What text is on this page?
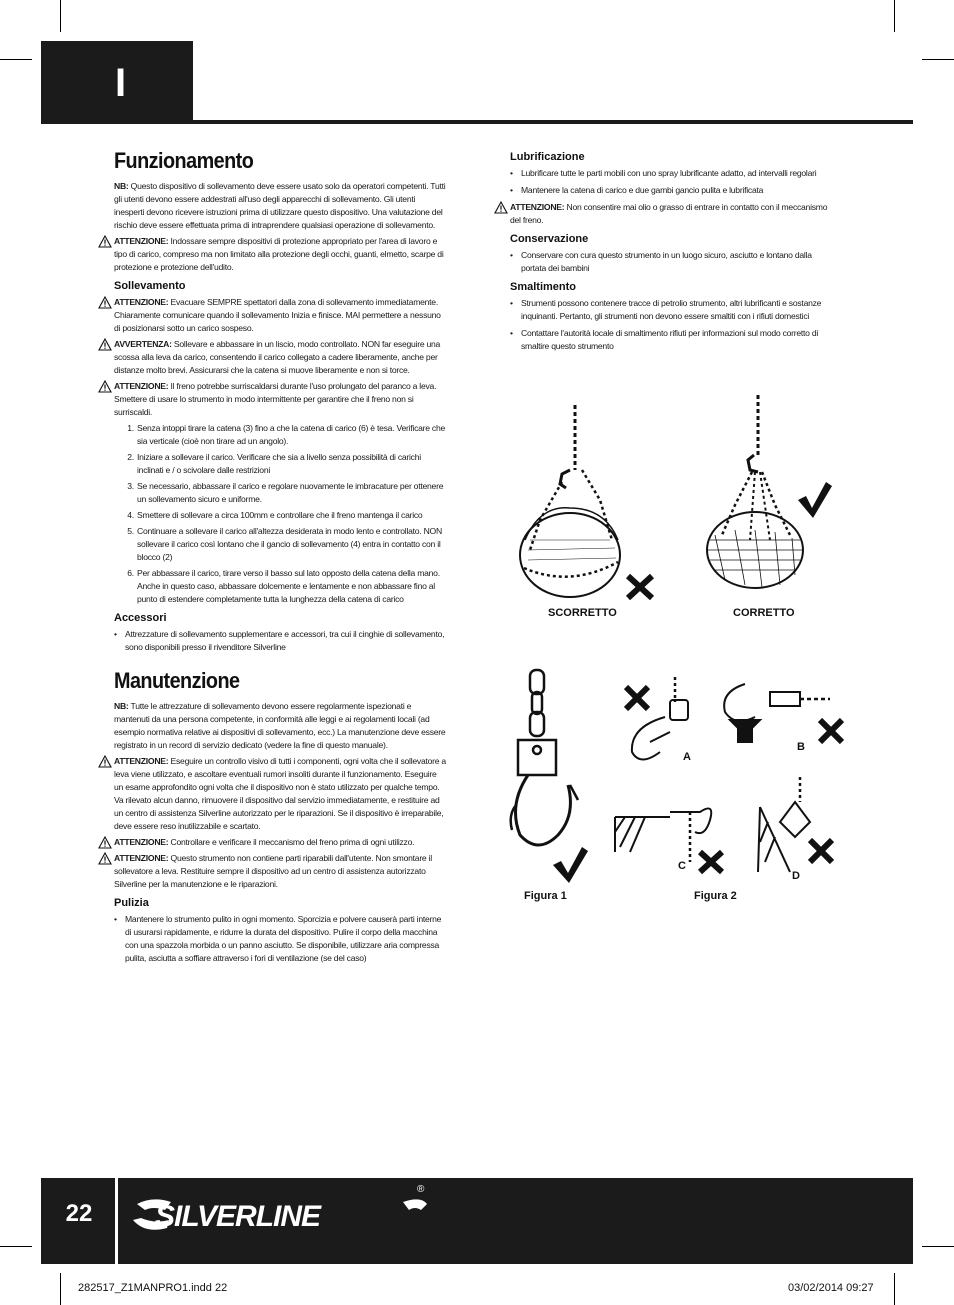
I
Funzionamento

NB: Questo dispositivo di sollevamento deve essere usato solo da operatori competenti. Tutti gli utenti devono essere addestrati all'uso degli apparecchi di sollevamento. Gli utenti inesperti devono ricevere istruzioni prima di utilizzare questo dispositivo. Una valutazione del rischio deve essere effettuata prima di intraprendere qualsiasi operazione di sollevamento.

ATTENZIONE: Indossare sempre dispositivi di protezione appropriato per l'area di lavoro e tipo di carico, compreso ma non limitato alla protezione degli occhi, guanti, elmetto, scarpe di protezione e protezione dell'udito.

Sollevamento

ATTENZIONE: Evacuare SEMPRE spettatori dalla zona di sollevamento immediatamente. Chiaramente comunicare quando il sollevamento Inizia e finisce. MAI permettere a nessuno di posizionarsi sotto un carico sospeso.

AVVERTENZA: Sollevare e abbassare in un liscio, modo controllato. NON far eseguire una scossa alla leva da carico, consentendo il carico collegato a cadere liberamente, anche per distanze molto brevi. Assicurarsi che la catena si muove liberamente e non si torce.

ATTENZIONE: Il freno potrebbe surriscaldarsi durante l'uso prolungato del paranco a leva. Smettere di usare lo strumento in modo intermittente per garantire che il freno non si surriscaldi.

1. Senza intoppi tirare la catena (3) fino a che la catena di carico (6) è tesa. Verificare che sia verticale (cioè non tirare ad un angolo).
2. Iniziare a sollevare il carico. Verificare che sia a livello senza possibilità di carichi inclinati e / o scivolare dalle restrizioni
3. Se necessario, abbassare il carico e regolare nuovamente le imbracature per ottenere un sollevamento sicuro e uniforme.
4. Smettere di sollevare a circa 100mm e controllare che il freno mantenga il carico
5. Continuare a sollevare il carico all'altezza desiderata in modo lento e controllato. NON sollevare il carico così lontano che il gancio di sollevamento (4) entra in contatto con il blocco (2)
6. Per abbassare il carico, tirare verso il basso sul lato opposto della catena della mano. Anche in questo caso, abbassare dolcemente e lentamente e non abbassare fino al punto di estendere completamente tutta la lunghezza della catena di carico
Accessori
• Attrezzature di sollevamento supplementare e accessori, tra cui il cinghie di sollevamento, sono disponibili presso il rivenditore Silverline
Manutenzione

NB: Tutte le attrezzature di sollevamento devono essere regolarmente ispezionati e mantenuti da una persona competente, in conformità alle leggi e ai regolamenti locali (ad esempio normativa relative ai dispositivi di sollevamento, ecc.) La manutenzione deve essere registrato in un record di servizio dedicato (vedere la fine di questo manuale).

ATTENZIONE: Eseguire un controllo visivo di tutti i componenti, ogni volta che il sollevatore a leva viene utilizzato, e ascoltare eventuali rumori insoliti durante il funzionamento. Eseguire un esame approfondito ogni volta che il dispositivo non è stato utilizzato per qualche tempo. Va rilevato alcun danno, rimuovere il dispositivo dal servizio immediatamente, e restituire ad un centro di assistenza Silverline autorizzato per le riparazioni. Se il dispositivo è irreparabile, deve essere reso inutilizzabile e scartato.

ATTENZIONE: Controllare e verificare il meccanismo del freno prima di ogni utilizzo.

ATTENZIONE: Questo strumento non contiene parti riparabili dall'utente. Non smontare il sollevatore a leva. Restituire sempre il dispositivo ad un centro di assistenza autorizzato Silverline per la manutenzione e le riparazioni.

Pulizia
• Mantenere lo strumento pulito in ogni momento. Sporcizia e polvere causerà parti interne di usurarsi rapidamente, e ridurre la durata del dispositivo. Pulire il corpo della macchina con una spazzola morbida o un panno asciutto. Se disponibile, utilizzare aria compressa pulita, asciutta a soffiare attraverso i fori di ventilazione (se del caso)
Lubrificazione
• Lubrificare tutte le parti mobili con uno spray lubrificante adatto, ad intervalli regolari
• Mantenere la catena di carico e due gambi gancio pulita e lubrificata

ATTENZIONE: Non consentire mai olio o grasso di entrare in contatto con il meccanismo del freno.

Conservazione
• Conservare con cura questo strumento in un luogo sicuro, asciutto e lontano dalla portata dei bambini
Smaltimento
• Strumenti possono contenere tracce di petrolio strumento, altri lubrificanti e sostanze inquinanti. Pertanto, gli strumenti non devono essere smaltiti con i rifiuti domestici
• Contattare l'autorità locale di smaltimento rifiuti per informazioni sul modo corretto di smaltire questo strumento
SCORRETTO	CORRETTO
Figura 1
A
B
C
D
Figura 2
22	SILVERLINE
®
282517_Z1MANPRO1.indd 22	03/02/2014 09:27
